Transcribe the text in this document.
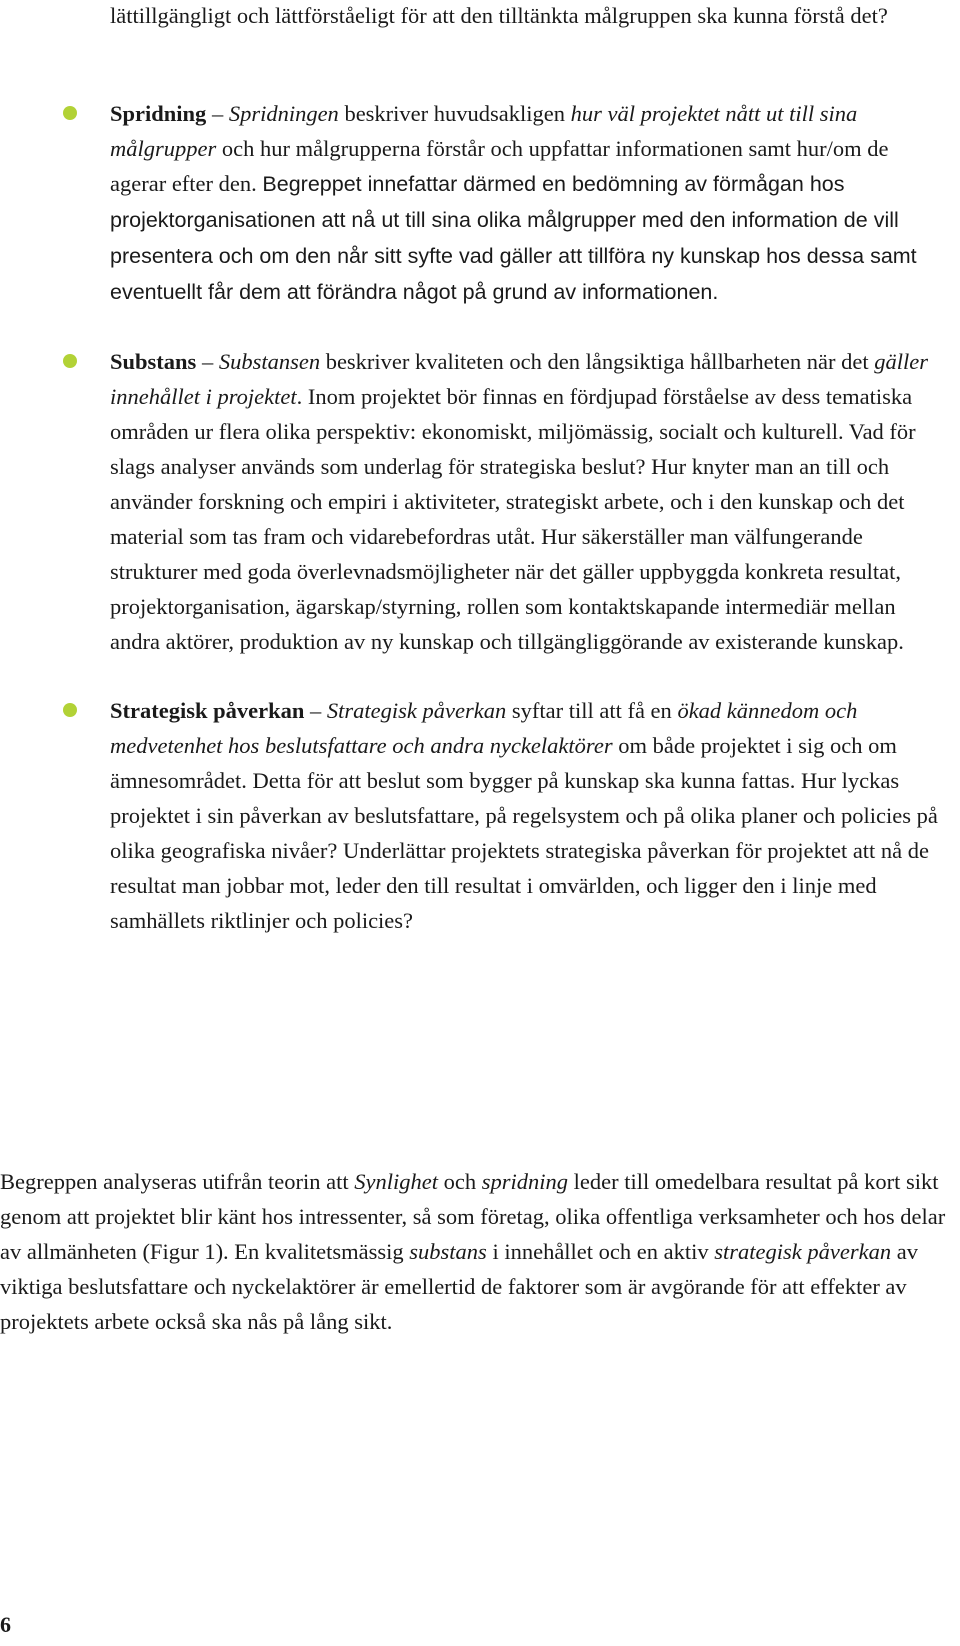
lättillgängligt och lättförståeligt för att den tilltänkta målgruppen ska kunna förstå det?

Spridning – Spridningen beskriver huvudsakligen hur väl projektet nått ut till sina målgrupper och hur målgrupperna förstår och uppfattar informationen samt hur/om de agerar efter den. Begreppet innefattar därmed en bedömning av förmågan hos projektorganisationen att nå ut till sina olika målgrupper med den information de vill presentera och om den når sitt syfte vad gäller att tillföra ny kunskap hos dessa samt eventuellt får dem att förändra något på grund av informationen.

Substans – Substansen beskriver kvaliteten och den långsiktiga hållbarheten när det gäller innehållet i projektet. Inom projektet bör finnas en fördjupad förståelse av dess tematiska områden ur flera olika perspektiv: ekonomiskt, miljömässig, socialt och kulturell. Vad för slags analyser används som underlag för strategiska beslut? Hur knyter man an till och använder forskning och empiri i aktiviteter, strategiskt arbete, och i den kunskap och det material som tas fram och vidarebefordras utåt. Hur säkerställer man välfungerande strukturer med goda överlevnadsmöjligheter när det gäller uppbyggda konkreta resultat, projektorganisation, ägarskap/styrning, rollen som kontaktskapande intermediär mellan andra aktörer, produktion av ny kunskap och tillgängliggörande av existerande kunskap.

Strategisk påverkan – Strategisk påverkan syftar till att få en ökad kännedom och medvetenhet hos beslutsfattare och andra nyckelaktörer om både projektet i sig och om ämnesområdet. Detta för att beslut som bygger på kunskap ska kunna fattas. Hur lyckas projektet i sin påverkan av beslutsfattare, på regelsystem och på olika planer och policies på olika geografiska nivåer? Underlättar projektets strategiska påverkan för projektet att nå de resultat man jobbar mot, leder den till resultat i omvärlden, och ligger den i linje med samhällets riktlinjer och policies?

Begreppen analyseras utifrån teorin att Synlighet och spridning leder till omedelbara resultat på kort sikt genom att projektet blir känt hos intressenter, så som företag, olika offentliga verksamheter och hos delar av allmänheten (Figur 1). En kvalitetsmässig substans i innehållet och en aktiv strategisk påverkan av viktiga beslutsfattare och nyckelaktörer är emellertid de faktorer som är avgörande för att effekter av projektets arbete också ska nås på lång sikt.

6
